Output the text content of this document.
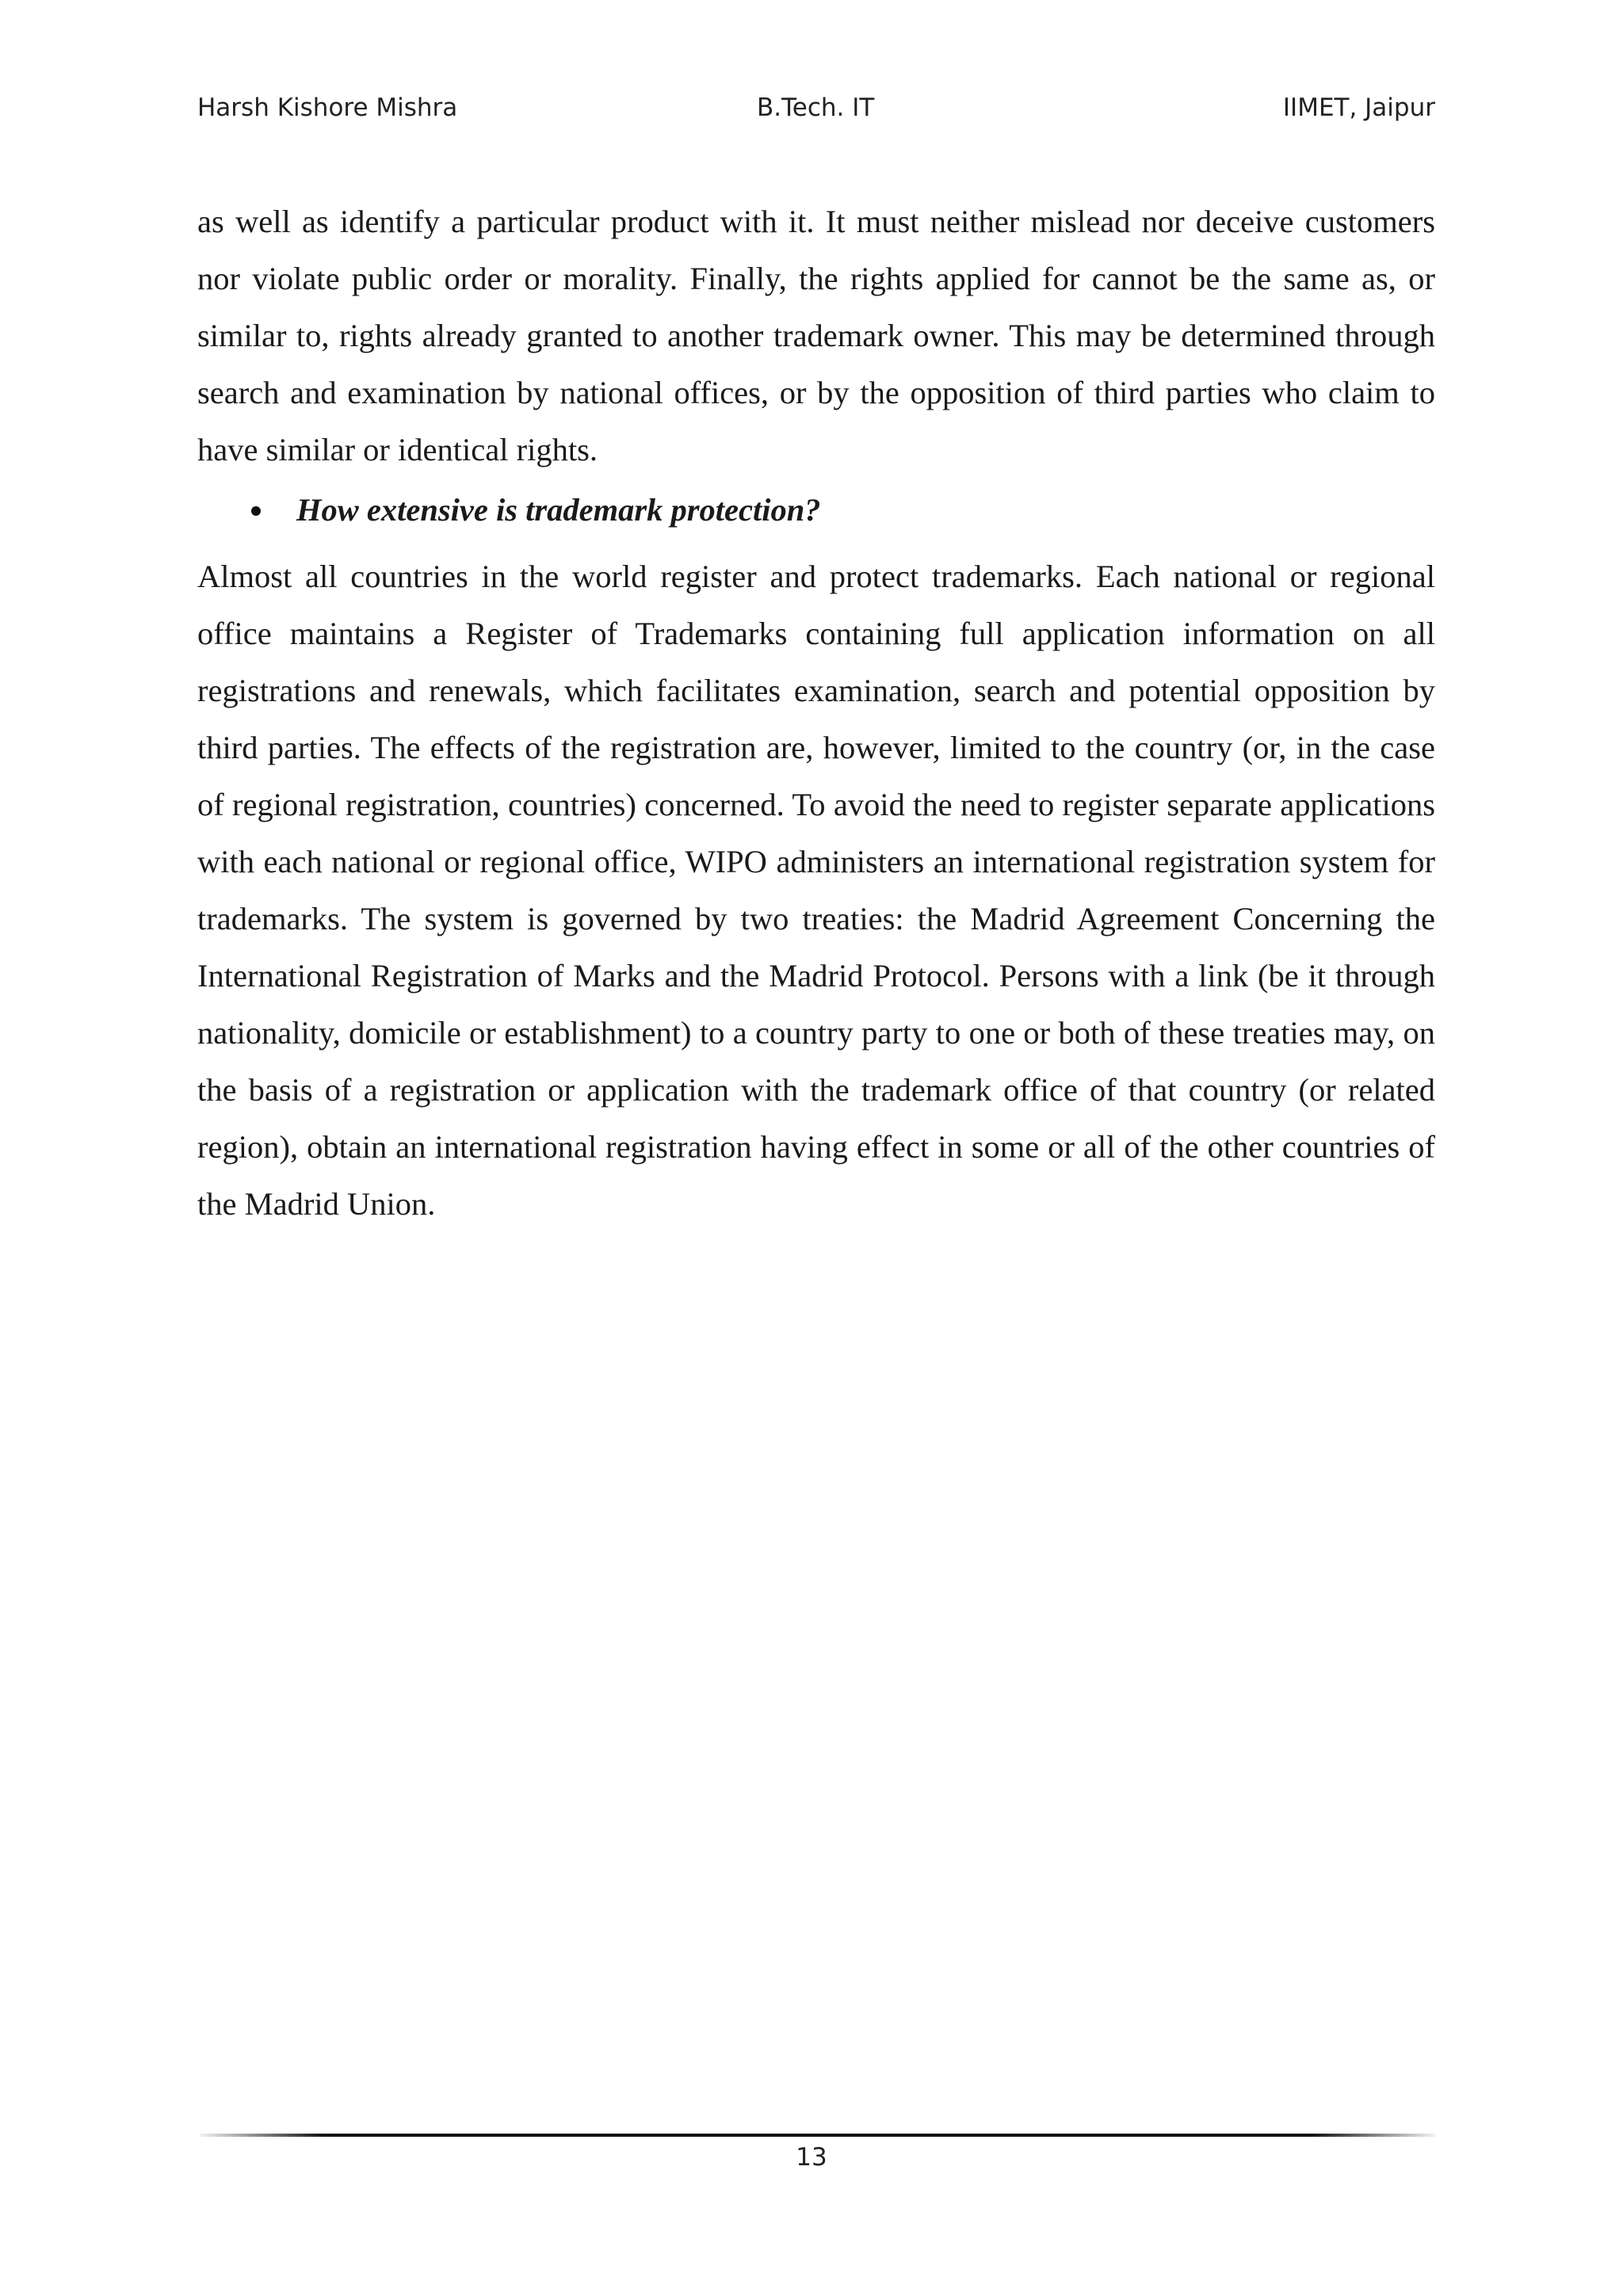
Harsh Kishore Mishra	B.Tech. IT	IIMET, Jaipur

as well as identify a particular product with it. It must neither mislead nor deceive customers nor violate public order or morality. Finally, the rights applied for cannot be the same as, or similar to, rights already granted to another trademark owner. This may be determined through search and examination by national offices, or by the opposition of third parties who claim to have similar or identical rights.

How extensive is trademark protection?

Almost all countries in the world register and protect trademarks. Each national or regional office maintains a Register of Trademarks containing full application information on all registrations and renewals, which facilitates examination, search and potential opposition by third parties. The effects of the registration are, however, limited to the country (or, in the case of regional registration, countries) concerned. To avoid the need to register separate applications with each national or regional office, WIPO administers an international registration system for trademarks. The system is governed by two treaties: the Madrid Agreement Concerning the International Registration of Marks and the Madrid Protocol. Persons with a link (be it through nationality, domicile or establishment) to a country party to one or both of these treaties may, on the basis of a registration or application with the trademark office of that country (or related region), obtain an international registration having effect in some or all of the other countries of the Madrid Union.

13
